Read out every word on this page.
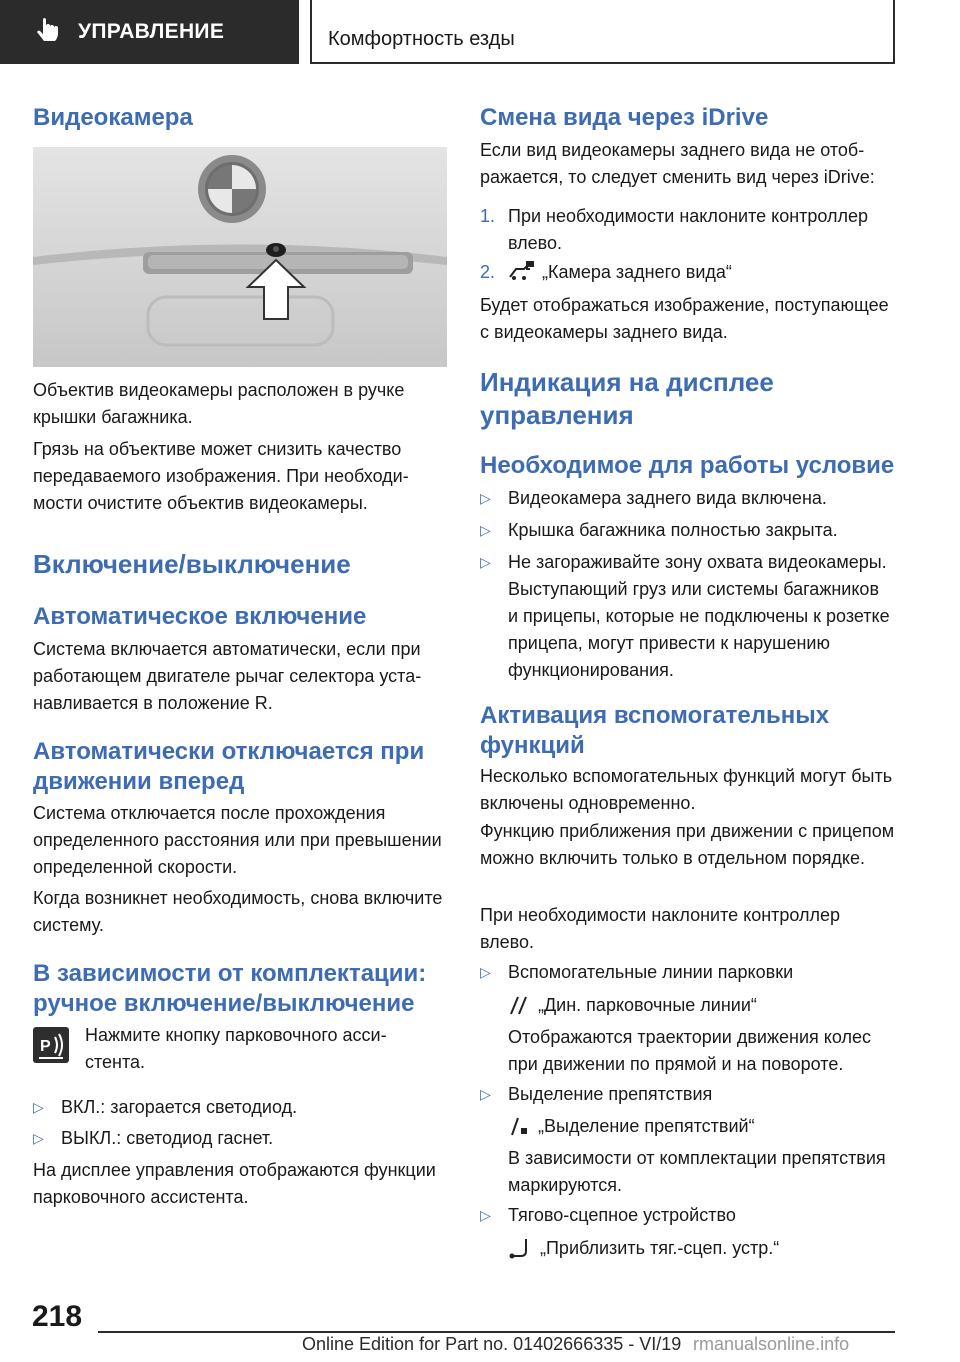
УПРАВЛЕНИЕ	Комфортность езды
Видеокамера

Объектив видеокамеры расположен в ручке крышки багажника.

Грязь на объективе может снизить качество передаваемого изображения. При необходимости очистите объектив видеокамеры.

Включение/выключение
Автоматическое включение

Система включается автоматически, если при работающем двигателе рычаг селектора устанавливается в положение R.

Автоматически отключается при движении вперед

Система отключается после прохождения определенного расстояния или при превышении определенной скорости.

Когда возникнет необходимость, снова включите систему.

В зависимости от комплектации: ручное включение/выключение
P

Нажмите кнопку парковочного ассистента.

▷ ВКЛ.: загорается светодиод.
▷ ВЫКЛ.: светодиод гаснет.

На дисплее управления отображаются функции парковочного ассистента.

Смена вида через iDrive

Если вид видеокамеры заднего вида не отображается, то следует сменить вид через iDrive:

1. При необходимости наклоните контроллер влево.
2.	„Камера заднего вида“

Будет отображаться изображение, поступающее с видеокамеры заднего вида.

Индикация на дисплее управления
Необходимое для работы условие
▷ Видеокамера заднего вида включена.
▷ Крышка багажника полностью закрыта.
▷ Не загораживайте зону охвата видеокамеры. Выступающий груз или системы багажников и прицепы, которые не подключены к розетке прицепа, могут привести к нарушению функционирования.
Активация вспомогательных функций

Несколько вспомогательных функций могут быть включены одновременно.

Функцию приближения при движении с прицепом можно включить только в отдельном порядке.

При необходимости наклоните контроллер влево.

▷ Вспомогательные линии парковки
„Дин. парковочные линии“

Отображаются траектории движения колес при движении по прямой и на повороте.

▷ Выделение препятствия
„Выделение препятствий“

В зависимости от комплектации препятствия маркируются.

▷ Тягово-сцепное устройство
„Приблизить тяг.-сцеп. устр.“
218
Online Edition for Part no. 01402666335 - VI/19 rmanualsonline.info
